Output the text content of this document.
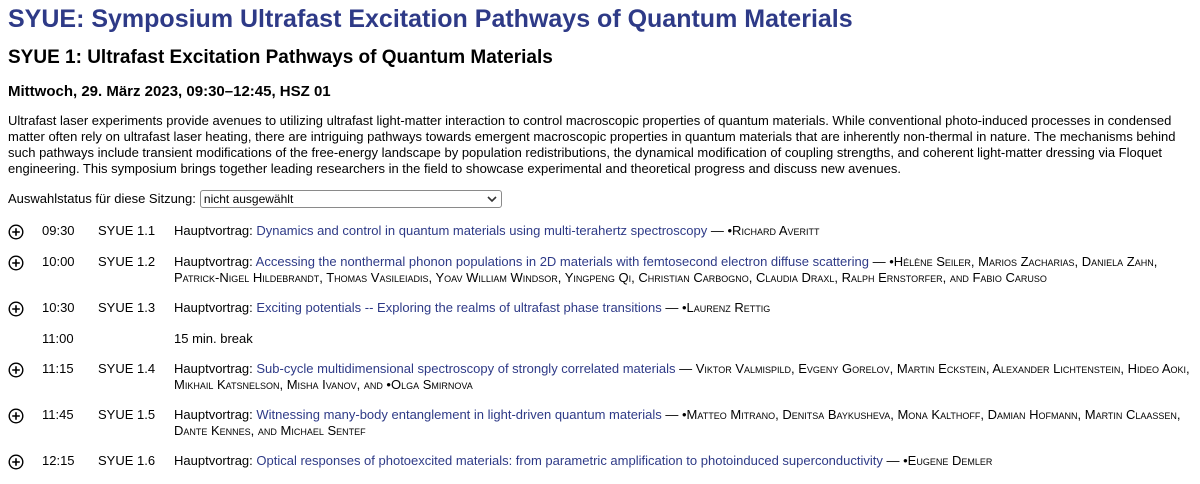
SYUE: Symposium Ultrafast Excitation Pathways of Quantum Materials
SYUE 1: Ultrafast Excitation Pathways of Quantum Materials
Mittwoch, 29. März 2023, 09:30–12:45, HSZ 01

Ultrafast laser experiments provide avenues to utilizing ultrafast light-matter interaction to control macroscopic properties of quantum materials. While conventional photo-induced processes in condensed matter often rely on ultrafast laser heating, there are intriguing pathways towards emergent macroscopic properties in quantum materials that are inherently non-thermal in nature. The mechanisms behind such pathways include transient modifications of the free-energy landscape by population redistributions, the dynamical modification of coupling strengths, and coherent light-matter dressing via Floquet engineering. This symposium brings together leading researchers in the field to showcase experimental and theoretical progress and discuss new avenues.

Auswahlstatus für diese Sitzung: nicht ausgewählt
	09:30	SYUE 1.1	Hauptvortrag: Dynamics and control in quantum materials using multi-terahertz spectroscopy — •Richard Averitt

	10:00	SYUE 1.2	Hauptvortrag: Accessing the nonthermal phonon populations in 2D materials with femtosecond electron diffuse scattering — •Hélène Seiler, Marios Zacharias, Daniela Zahn, Patrick-Nigel Hildebrandt, Thomas Vasileiadis, Yoav William Windsor, Yingpeng Qi, Christian Carbogno, Claudia Draxl, Ralph Ernstorfer, and Fabio Caruso

	10:30	SYUE 1.3	Hauptvortrag: Exciting potentials -- Exploring the realms of ultrafast phase transitions — •Laurenz Rettig
	11:00		15 min. break

	11:15	SYUE 1.4	Hauptvortrag: Sub-cycle multidimensional spectroscopy of strongly correlated materials — Viktor Valmispild, Evgeny Gorelov, Martin Eckstein, Alexander Lichtenstein, Hideo Aoki, Mikhail Katsnelson, Misha Ivanov, and •Olga Smirnova

	11:45	SYUE 1.5	Hauptvortrag: Witnessing many-body entanglement in light-driven quantum materials — •Matteo Mitrano, Denitsa Baykusheva, Mona Kalthoff, Damian Hofmann, Martin Claassen, Dante Kennes, and Michael Sentef

	12:15	SYUE 1.6	Hauptvortrag: Optical responses of photoexcited materials: from parametric amplification to photoinduced superconductivity — •Eugene Demler
